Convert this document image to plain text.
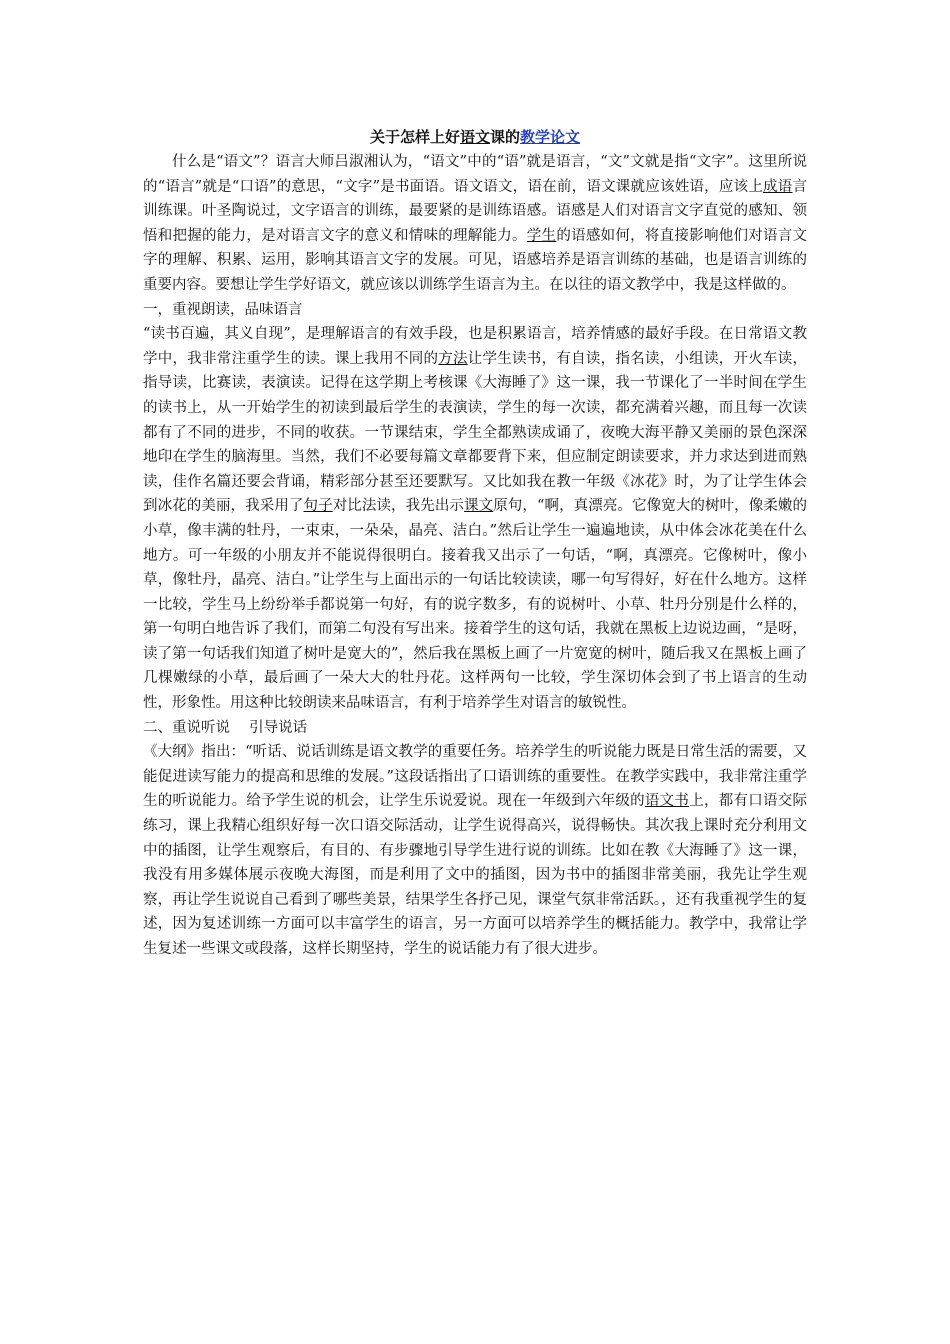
关于怎样上好语文课的教学论文

什么是“语文”？语言大师吕淑湘认为，“语文”中的“语”就是语言，“文”文就是指“文字”。这里所说的“语言”就是“口语”的意思，“文字”是书面语。语文语文，语在前，语文课就应该姓语，应该上成语言训练课。叶圣陶说过，文字语言的训练，最要紧的是训练语感。语感是人们对语言文字直觉的感知、领悟和把握的能力，是对语言文字的意义和情味的理解能力。学生的语感如何，将直接影响他们对语言文字的理解、积累、运用，影响其语言文字的发展。可见，语感培养是语言训练的基础，也是语言训练的重要内容。要想让学生学好语文，就应该以训练学生语言为主。在以往的语文教学中，我是这样做的。

一，重视朗读，品味语言

“读书百遍，其义自现”，是理解语言的有效手段，也是积累语言，培养情感的最好手段。在日常语文教学中，我非常注重学生的读。课上我用不同的方法让学生读书，有自读，指名读，小组读，开火车读，指导读，比赛读，表演读。记得在这学期上考核课《大海睡了》这一课，我一节课化了一半时间在学生的读书上，从一开始学生的初读到最后学生的表演读，学生的每一次读，都充满着兴趣，而且每一次读都有了不同的进步，不同的收获。一节课结束，学生全都熟读成诵了，夜晚大海平静又美丽的景色深深地印在学生的脑海里。当然，我们不必要每篇文章都要背下来，但应制定朗读要求，并力求达到进而熟读，佳作名篇还要会背诵，精彩部分甚至还要默写。又比如我在教一年级《冰花》时，为了让学生体会到冰花的美丽，我采用了句子对比法读，我先出示课文原句，“啊，真漂亮。它像宽大的树叶，像柔嫩的小草，像丰满的牡丹，一束束，一朵朵，晶亮、洁白。”然后让学生一遍遍地读，从中体会冰花美在什么地方。可一年级的小朋友并不能说得很明白。接着我又出示了一句话，“啊，真漂亮。它像树叶，像小草，像牡丹，晶亮、洁白。”让学生与上面出示的一句话比较读读，哪一句写得好，好在什么地方。这样一比较，学生马上纷纷举手都说第一句好，有的说字数多，有的说树叶、小草、牡丹分别是什么样的，第一句明白地告诉了我们，而第二句没有写出来。接着学生的这句话，我就在黑板上边说边画，“是呀，读了第一句话我们知道了树叶是宽大的”，然后我在黑板上画了一片宽宽的树叶，随后我又在黑板上画了几棵嫩绿的小草，最后画了一朵大大的牡丹花。这样两句一比较，学生深切体会到了书上语言的生动性，形象性。用这种比较朗读来品味语言，有利于培养学生对语言的敏锐性。

二、重说听说　 引导说话

《大纲》指出：“听话、说话训练是语文教学的重要任务。培养学生的听说能力既是日常生活的需要，又能促进读写能力的提高和思维的发展。”这段话指出了口语训练的重要性。在教学实践中，我非常注重学生的听说能力。给予学生说的机会，让学生乐说爱说。现在一年级到六年级的语文书上，都有口语交际练习，课上我精心组织好每一次口语交际活动，让学生说得高兴，说得畅快。其次我上课时充分利用文中的插图，让学生观察后，有目的、有步骤地引导学生进行说的训练。比如在教《大海睡了》这一课，我没有用多媒体展示夜晚大海图，而是利用了文中的插图，因为书中的插图非常美丽，我先让学生观察，再让学生说说自己看到了哪些美景，结果学生各抒己见，课堂气氛非常活跃。，还有我重视学生的复述，因为复述训练一方面可以丰富学生的语言，另一方面可以培养学生的概括能力。教学中，我常让学生复述一些课文或段落，这样长期坚持，学生的说话能力有了很大进步。
